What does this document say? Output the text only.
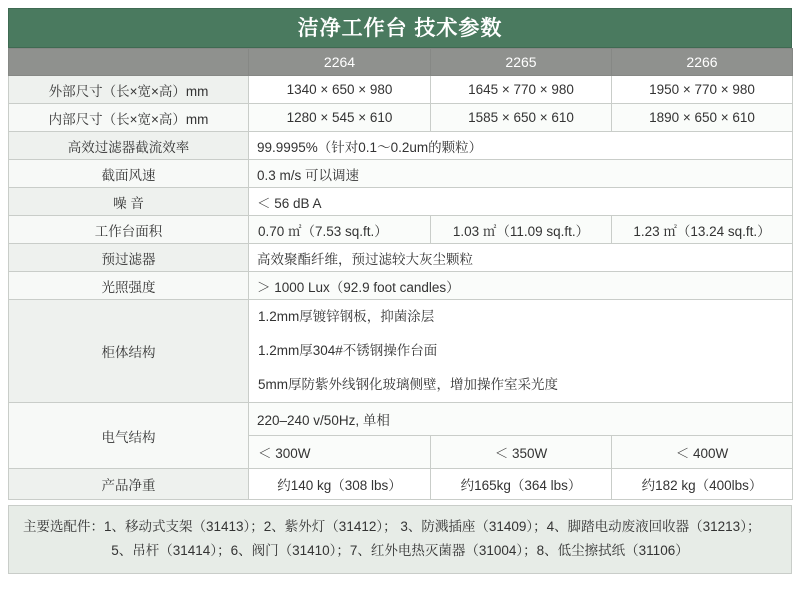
洁净工作台 技术参数
	2264	2265	2266
外部尺寸（长×宽×高）mm	1340 × 650 × 980	1645 × 770 × 980	1950 × 770 × 980
内部尺寸（长×宽×高）mm	1280 × 545 × 610	1585 × 650 × 610	1890 × 650 × 610
高效过滤器截流效率	99.9995%（针对0.1～0.2um的颗粒）		
截面风速	0.3 m/s 可以调速		
噪 音	＜ 56 dB A		
工作台面积	0.70 ㎡（7.53 sq.ft.）	1.03 ㎡（11.09 sq.ft.）	1.23 ㎡（13.24 sq.ft.）
预过滤器	高效聚酯纤维，预过滤较大灰尘颗粒		
光照强度	＞ 1000 Lux（92.9 foot candles）		
柜体结构	1.2mm厚镀锌钢板，抑菌涂层
1.2mm厚304#不锈钢操作台面
5mm厚防紫外线钢化玻璃侧壁，增加操作室采光度		

电气结构	220–240 v/50Hz, 单相		
	＜ 300W	＜ 350W	＜ 400W
产品净重	约140 kg（308 lbs）	约165kg（364 lbs）	约182 kg（400lbs）
主要选配件：1、移动式支架（31413）；2、紫外灯（31412）； 3、防溅插座（31409）；4、脚踏电动废液回收器（31213）；
5、吊杆（31414）；6、阀门（31410）；7、红外电热灭菌器（31004）；8、低尘擦拭纸（31106）
